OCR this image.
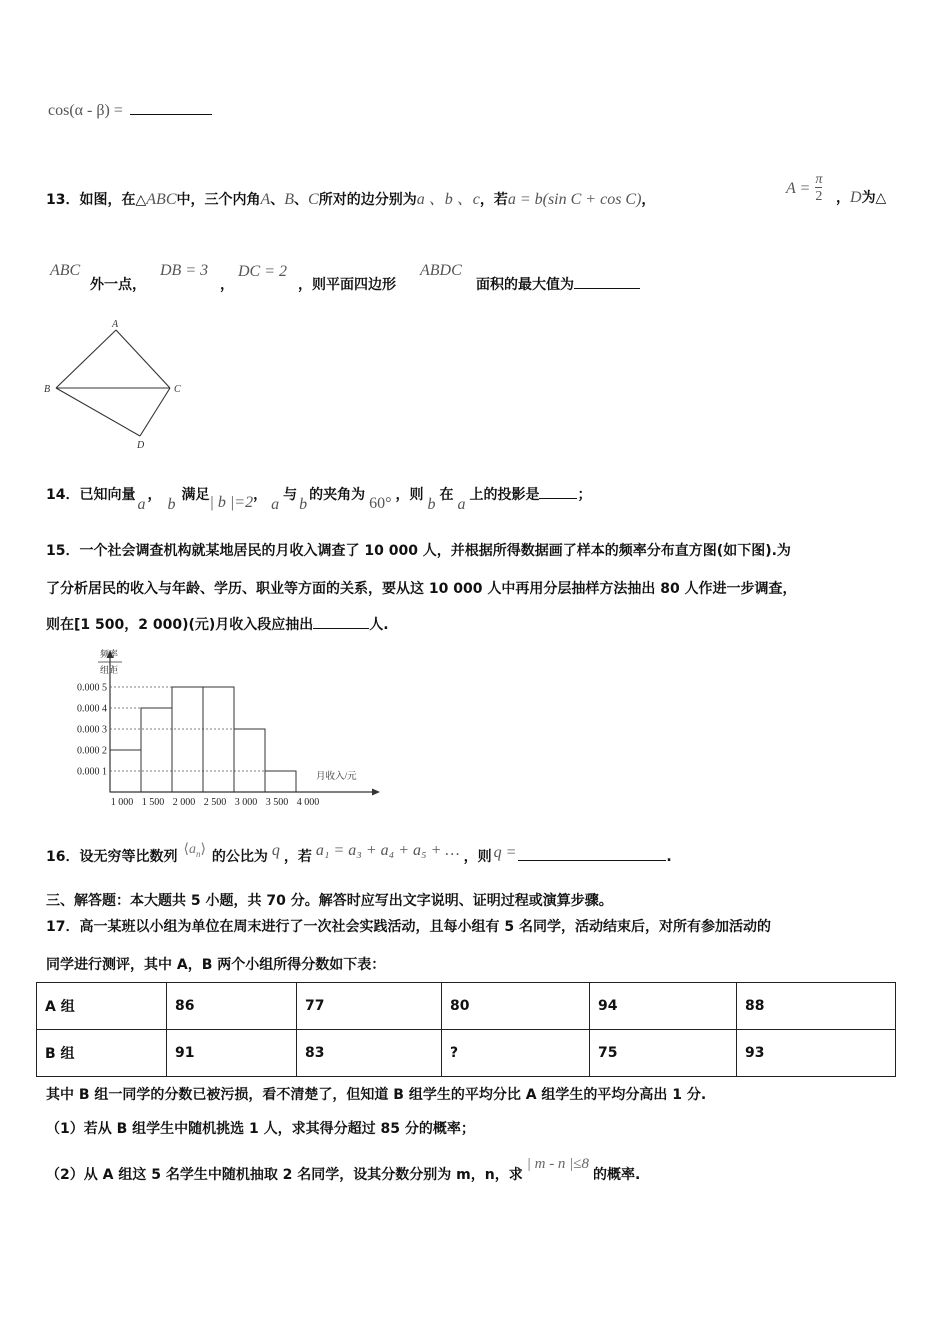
cos(α - β) =
13．如图，在△ABC中，三个内角A、B、C所对的边分别为a 、b 、c，若a = b(sin C + cos C)，
$A = \frac{\pi}{2}$ ，D为△
ABC
外一点，
DB = 3
，
DC = 2
，则平面四边形
ABDC
面积的最大值为
A
B	C
D
14．已知向量a，b满足| b |=2，a与b的夹角为 60° ，则b在a上的投影是	；
15．一个社会调查机构就某地居民的月收入调查了 10 000 人，并根据所得数据画了样本的频率分布直方图(如下图).为
了分析居民的收入与年龄、学历、职业等方面的关系，要从这 10 000 人中再用分层抽样方法抽出 80 人作进一步调查，
则在[1 500，2 000)(元)月收入段应抽出	人.
0.000 1
0.000 2
0.000 3
0.000 4
0.000 5
1 000 1 500 2 000 2 500 3 000 3 500 4 000
频率
组距
月收入/元
16．设无穷等比数列 $⟨a_n⟩$ 的公比为 q ，若 a₁ = a₃ + a₄ + a₅ + … ，则 q =	.
三、解答题：本大题共 5 小题，共 70 分。解答时应写出文字说明、证明过程或演算步骤。
17．高一某班以小组为单位在周末进行了一次社会实践活动，且每小组有 5 名同学，活动结束后，对所有参加活动的
同学进行测评，其中 A，B 两个小组所得分数如下表：
A 组	86	77	80	94	88
B 组	91	83	?	75	93
其中 B 组一同学的分数已被污损，看不清楚了，但知道 B 组学生的平均分比 A 组学生的平均分高出 1 分.
（1）若从 B 组学生中随机挑选 1 人，求其得分超过 85 分的概率；
（2）从 A 组这 5 名学生中随机抽取 2 名同学，设其分数分别为 m，n，求| m - n |≤8的概率.
